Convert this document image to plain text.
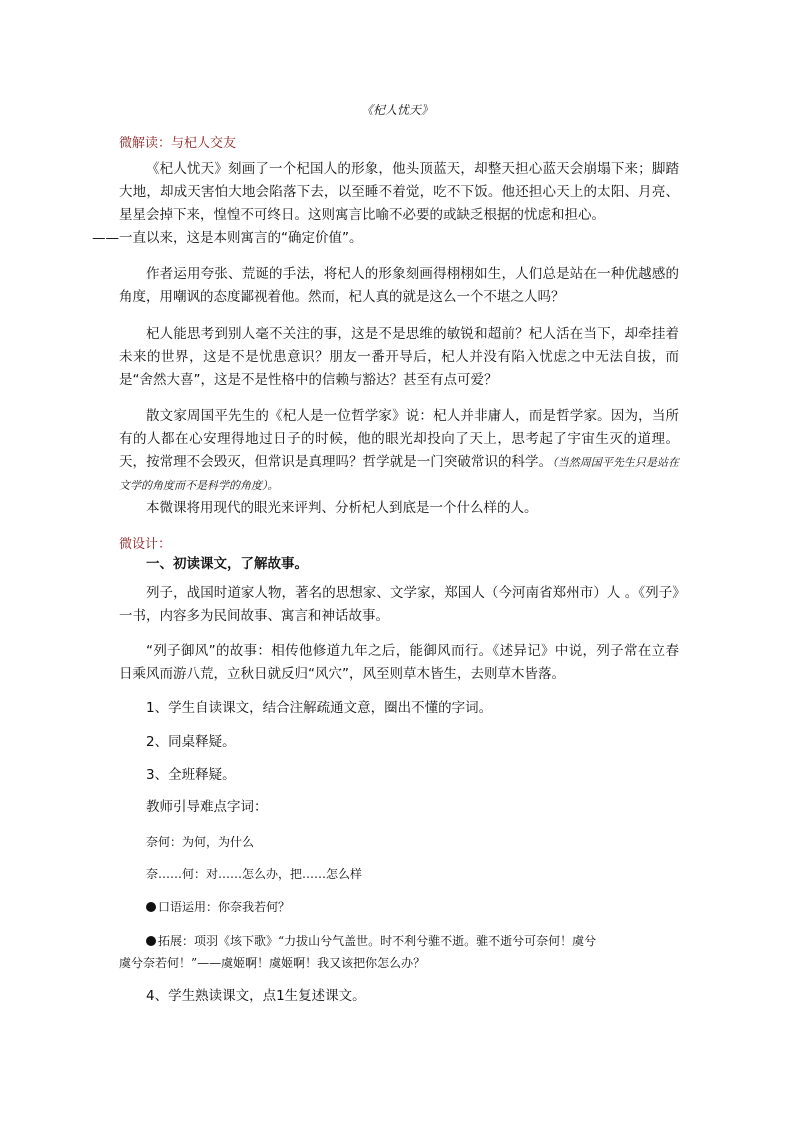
《杞人忧天》
微解读：与杞人交友

《杞人忧天》刻画了一个杞国人的形象，他头顶蓝天，却整天担心蓝天会崩塌下来；脚踏大地，却成天害怕大地会陷落下去，以至睡不着觉，吃不下饭。他还担心天上的太阳、月亮、星星会掉下来，惶惶不可终日。这则寓言比喻不必要的或缺乏根据的忧虑和担心。
——一直以来，这是本则寓言的“确定价值”。

作者运用夸张、荒诞的手法，将杞人的形象刻画得栩栩如生，人们总是站在一种优越感的角度，用嘲讽的态度鄙视着他。然而，杞人真的就是这么一个不堪之人吗？

杞人能思考到别人毫不关注的事，这是不是思维的敏锐和超前？杞人活在当下，却牵挂着未来的世界，这是不是忧患意识？朋友一番开导后，杞人并没有陷入忧虑之中无法自拔，而是“舍然大喜”，这是不是性格中的信赖与豁达？甚至有点可爱？

散文家周国平先生的《杞人是一位哲学家》说：杞人并非庸人，而是哲学家。因为，当所有的人都在心安理得地过日子的时候，他的眼光却投向了天上，思考起了宇宙生灭的道理。天，按常理不会毁灭，但常识是真理吗？哲学就是一门突破常识的科学。（当然周国平先生只是站在文学的角度而不是科学的角度）。

本微课将用现代的眼光来评判、分析杞人到底是一个什么样的人。

微设计：
一、初读课文，了解故事。

列子，战国时道家人物，著名的思想家、文学家，郑国人（今河南省郑州市）人 。《列子》一书，内容多为民间故事、寓言和神话故事。

“列子御风”的故事：相传他修道九年之后，能御风而行。《述异记》中说，列子常在立春日乘风而游八荒，立秋日就反归“风穴”，风至则草木皆生，去则草木皆落。

1、学生自读课文，结合注解疏通文意，圈出不懂的字词。
2、同桌释疑。
3、全班释疑。
教师引导难点字词：
奈何：为何，为什么
奈……何：对……怎么办，把……怎么样
口语运用：你奈我若何？
拓展：项羽《垓下歌》“力拔山兮气盖世。时不利兮骓不逝。骓不逝兮可奈何！虞兮
虞兮奈若何！”——虞姬啊！虞姬啊！我又该把你怎么办？
4、学生熟读课文，点1生复述课文。
